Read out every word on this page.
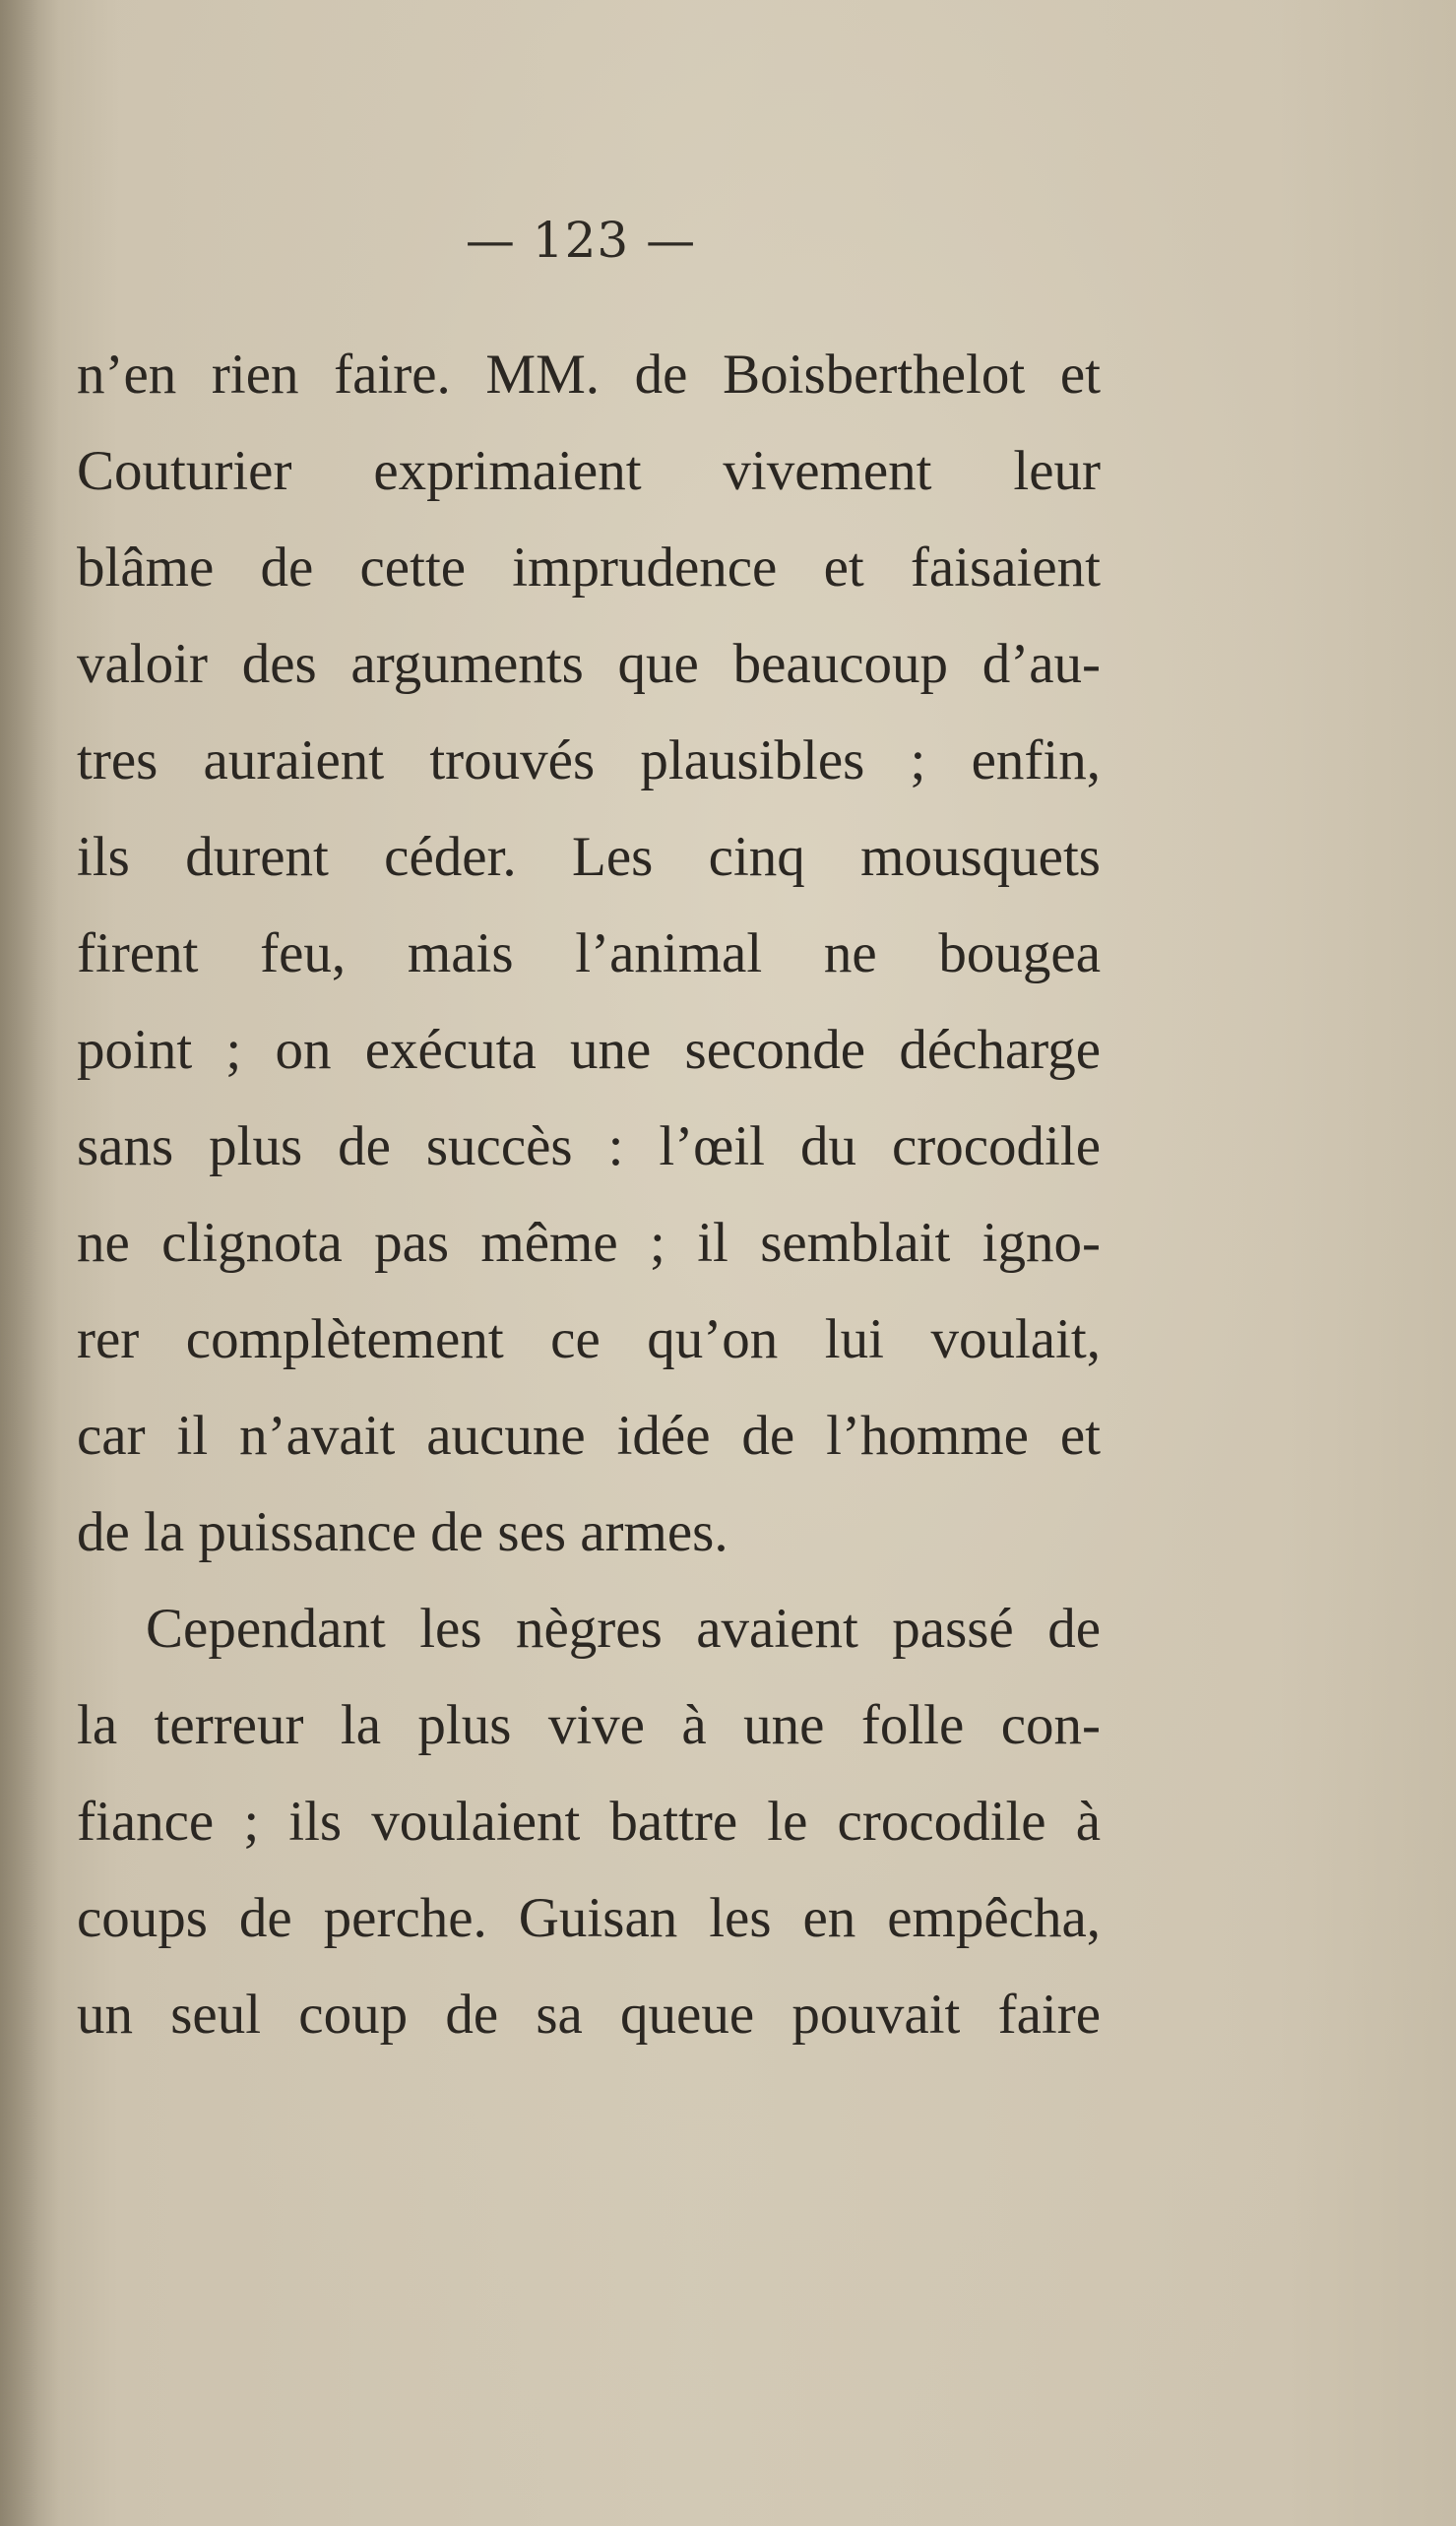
— 123 —
n’en rien faire. MM. de Boisberthelot et
Couturier exprimaient vivement leur
blâme de cette imprudence et faisaient
valoir des arguments que beaucoup d’au-
tres auraient trouvés plausibles ; enfin,
ils durent céder. Les cinq mousquets
firent feu, mais l’animal ne bougea
point ; on exécuta une seconde décharge
sans plus de succès : l’œil du crocodile
ne clignota pas même ; il semblait igno-
rer complètement ce qu’on lui voulait,
car il n’avait aucune idée de l’homme et
de la puissance de ses armes.
Cependant les nègres avaient passé de
la terreur la plus vive à une folle con-
fiance ; ils voulaient battre le crocodile à
coups de perche. Guisan les en empêcha,
un seul coup de sa queue pouvait faire
